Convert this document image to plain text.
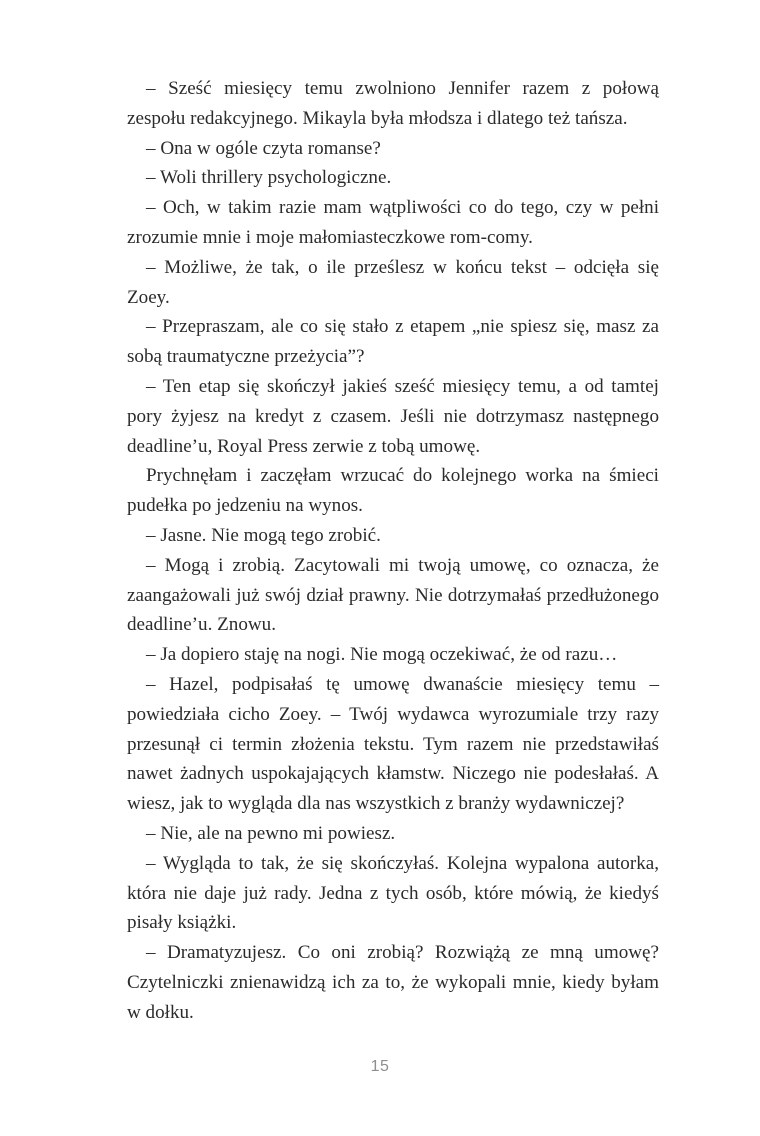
– Sześć miesięcy temu zwolniono Jennifer razem z połową zespołu redakcyjnego. Mikayla była młodsza i dlatego też tańsza.

– Ona w ogóle czyta romanse?

– Woli thrillery psychologiczne.

– Och, w takim razie mam wątpliwości co do tego, czy w pełni zrozumie mnie i moje małomiasteczkowe rom-comy.

– Możliwe, że tak, o ile prześlesz w końcu tekst – odcięła się Zoey.

– Przepraszam, ale co się stało z etapem „nie spiesz się, masz za sobą traumatyczne przeżycia”?

– Ten etap się skończył jakieś sześć miesięcy temu, a od tamtej pory żyjesz na kredyt z czasem. Jeśli nie dotrzymasz następnego deadline’u, Royal Press zerwie z tobą umowę.

Prychnęłam i zaczęłam wrzucać do kolejnego worka na śmieci pudełka po jedzeniu na wynos.

– Jasne. Nie mogą tego zrobić.

– Mogą i zrobią. Zacytowali mi twoją umowę, co oznacza, że zaangażowali już swój dział prawny. Nie dotrzymałaś przedłużonego deadline’u. Znowu.

– Ja dopiero staję na nogi. Nie mogą oczekiwać, że od razu…

– Hazel, podpisałaś tę umowę dwanaście miesięcy temu – powiedziała cicho Zoey. – Twój wydawca wyrozumiale trzy razy przesunął ci termin złożenia tekstu. Tym razem nie przedstawiłaś nawet żadnych uspokajających kłamstw. Niczego nie podesłałaś. A wiesz, jak to wygląda dla nas wszystkich z branży wydawniczej?

– Nie, ale na pewno mi powiesz.

– Wygląda to tak, że się skończyłaś. Kolejna wypalona autorka, która nie daje już rady. Jedna z tych osób, które mówią, że kiedyś pisały książki.

– Dramatyzujesz. Co oni zrobią? Rozwiążą ze mną umowę? Czytelniczki znienawidzą ich za to, że wykopali mnie, kiedy byłam w dołku.

15
